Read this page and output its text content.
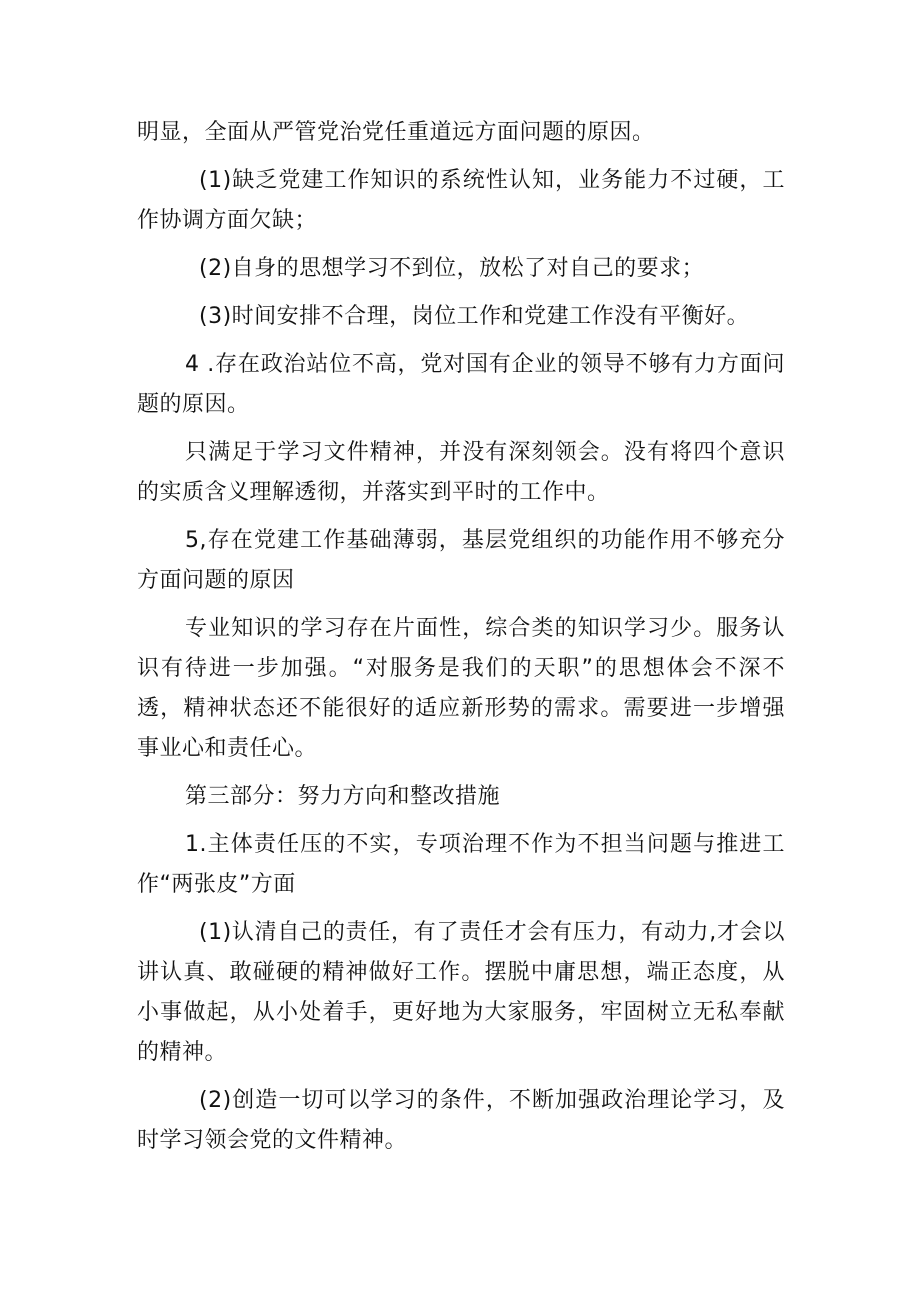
明显，全面从严管党治党任重道远方面问题的原因。

(1)缺乏党建工作知识的系统性认知，业务能力不过硬，工作协调方面欠缺；

(2)自身的思想学习不到位，放松了对自己的要求；

(3)时间安排不合理，岗位工作和党建工作没有平衡好。

4 .存在政治站位不高，党对国有企业的领导不够有力方面问题的原因。

只满足于学习文件精神，并没有深刻领会。没有将四个意识的实质含义理解透彻，并落实到平时的工作中。

5,存在党建工作基础薄弱，基层党组织的功能作用不够充分方面问题的原因

专业知识的学习存在片面性，综合类的知识学习少。服务认识有待进一步加强。“对服务是我们的天职”的思想体会不深不透，精神状态还不能很好的适应新形势的需求。需要进一步增强事业心和责任心。

第三部分：努力方向和整改措施

1.主体责任压的不实，专项治理不作为不担当问题与推进工作“两张皮”方面

(1)认清自己的责任，有了责任才会有压力，有动力,才会以讲认真、敢碰硬的精神做好工作。摆脱中庸思想，端正态度，从小事做起，从小处着手，更好地为大家服务，牢固树立无私奉献的精神。

(2)创造一切可以学习的条件，不断加强政治理论学习，及时学习领会党的文件精神。
